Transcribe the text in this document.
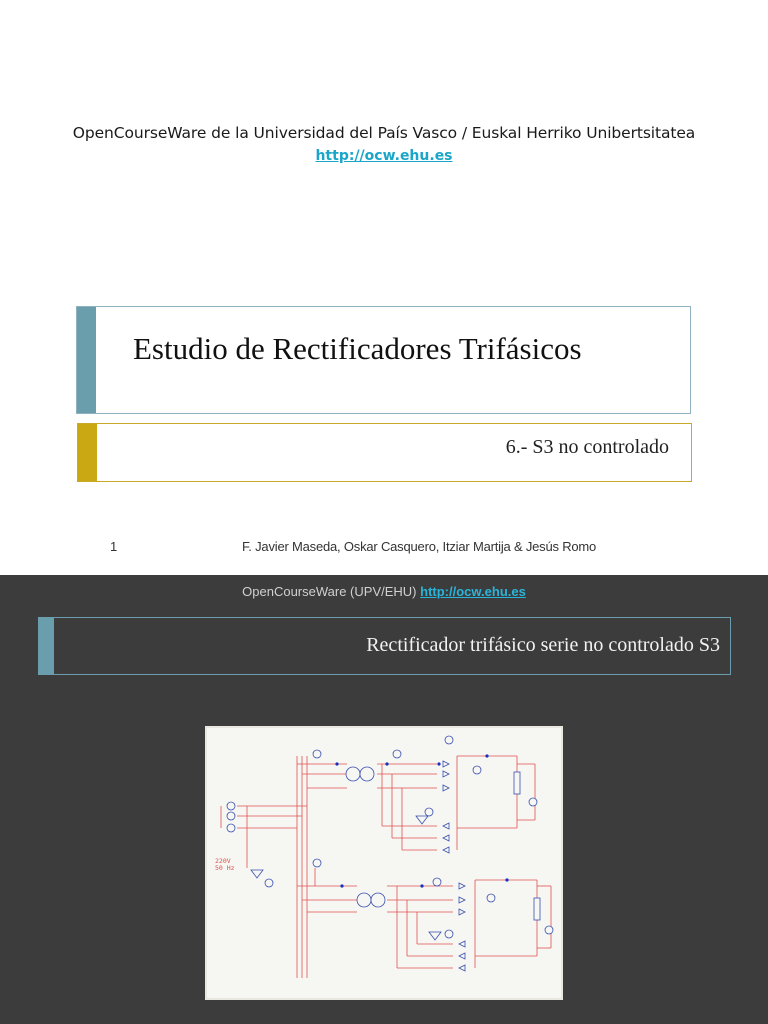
OpenCourseWare de la Universidad del País Vasco / Euskal Herriko Unibertsitatea
http://ocw.ehu.es
Estudio de Rectificadores Trifásicos
6.- S3 no controlado
1	F. Javier Maseda, Oskar Casquero, Itziar Martija & Jesús Romo
OpenCourseWare (UPV/EHU) http://ocw.ehu.es
Rectificador trifásico serie no controlado S3
220V
50 Hz
